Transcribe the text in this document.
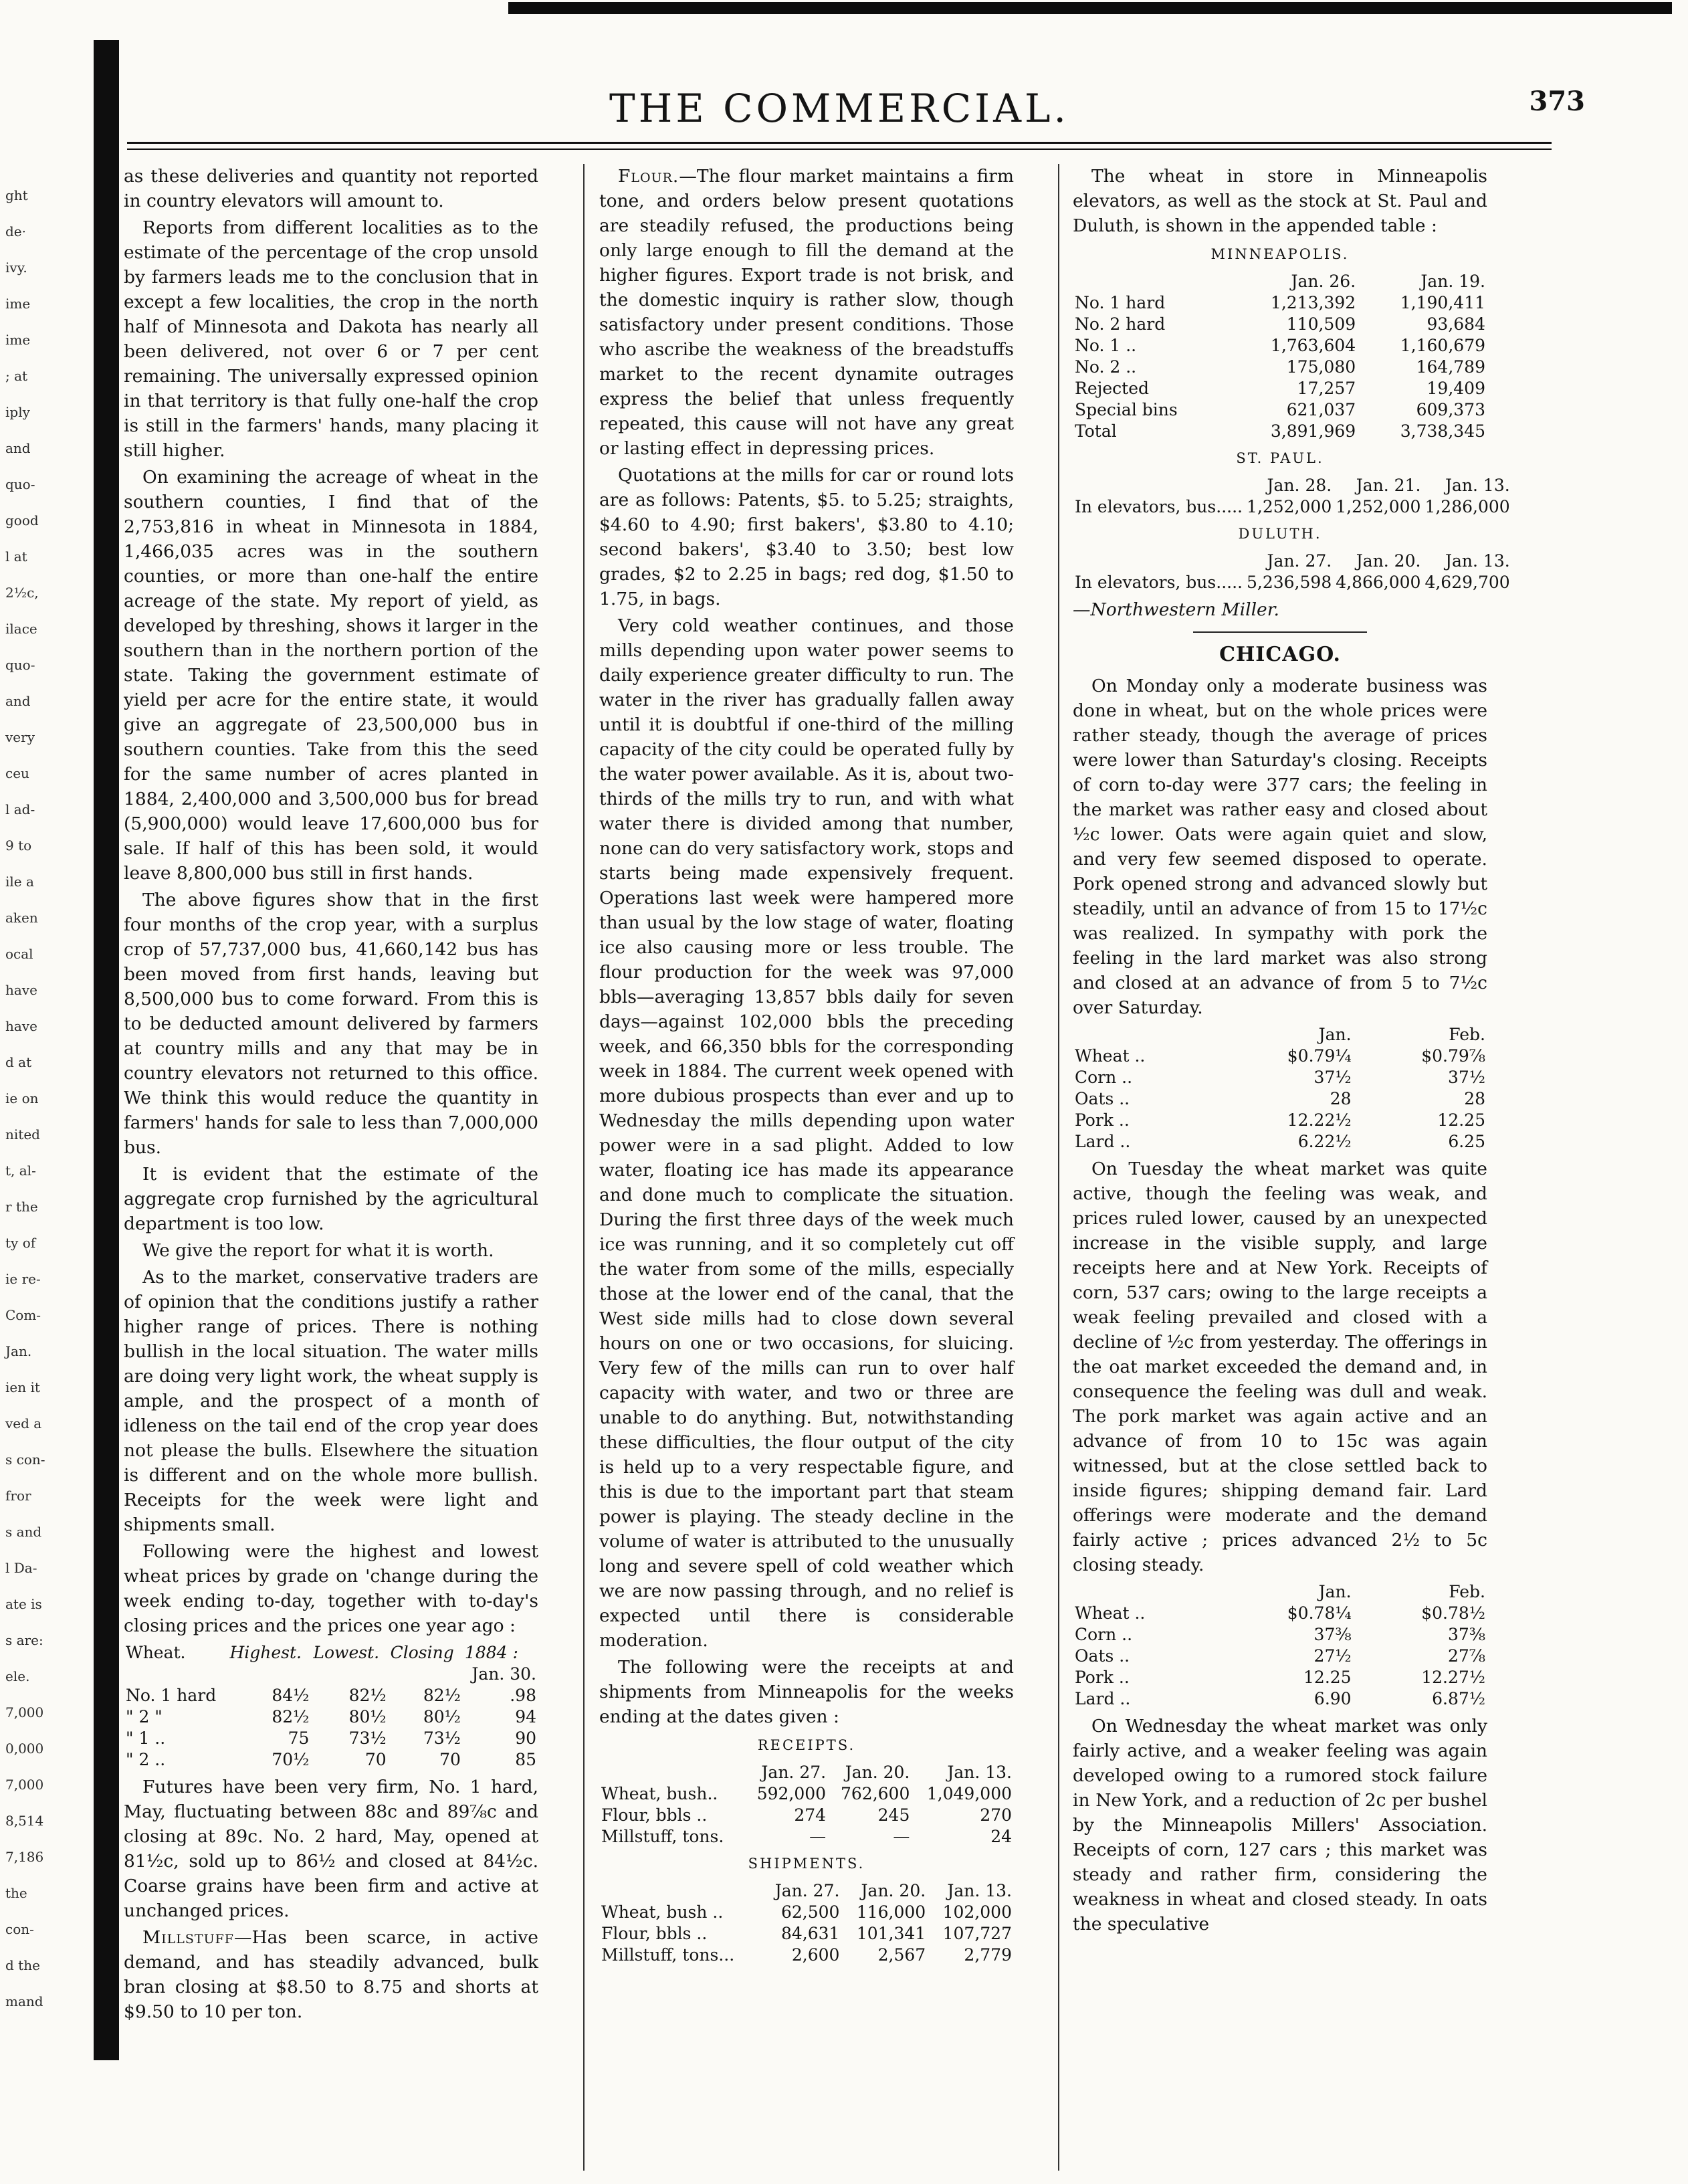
ght
de·
ivy.
ime
ime
; at
iply
and
quo-
good
l at
2½c,
ilace
quo-
and
very
ceu
l ad-
9 to
ile a
aken
ocal
have
have
d at
ie on
nited
t, al-
r the
ty of
ie re-
Com-
Jan.
ien it
ved a
s con-
fror
s and
l Da-
ate is
s are:
ele.
7,000
0,000
7,000
8,514
7,186
the
con-
d the
mand
THE COMMERCIAL.	373

as these deliveries and quantity not reported in country elevators will amount to.

Reports from different localities as to the estimate of the percentage of the crop unsold by farmers leads me to the conclusion that in except a few localities, the crop in the north half of Minnesota and Dakota has nearly all been delivered, not over 6 or 7 per cent remaining. The universally expressed opinion in that territory is that fully one-half the crop is still in the farmers' hands, many placing it still higher.

On examining the acreage of wheat in the southern counties, I find that of the 2,753,816 in wheat in Minnesota in 1884, 1,466,035 acres was in the southern counties, or more than one-half the entire acreage of the state. My report of yield, as developed by threshing, shows it larger in the southern than in the northern portion of the state. Taking the government estimate of yield per acre for the entire state, it would give an aggregate of 23,500,000 bus in southern counties. Take from this the seed for the same number of acres planted in 1884, 2,400,000 and 3,500,000 bus for bread (5,900,000) would leave 17,600,000 bus for sale. If half of this has been sold, it would leave 8,800,000 bus still in first hands.

The above figures show that in the first four months of the crop year, with a surplus crop of 57,737,000 bus, 41,660,142 bus has been moved from first hands, leaving but 8,500,000 bus to come forward. From this is to be deducted amount delivered by farmers at country mills and any that may be in country elevators not returned to this office. We think this would reduce the quantity in farmers' hands for sale to less than 7,000,000 bus.

It is evident that the estimate of the aggregate crop furnished by the agricultural department is too low.

We give the report for what it is worth.

As to the market, conservative traders are of opinion that the conditions justify a rather higher range of prices. There is nothing bullish in the local situation. The water mills are doing very light work, the wheat supply is ample, and the prospect of a month of idleness on the tail end of the crop year does not please the bulls. Elsewhere the situation is different and on the whole more bullish. Receipts for the week were light and shipments small.

Following were the highest and lowest wheat prices by grade on 'change during the week ending to-day, together with to-day's closing prices and the prices one year ago :

Wheat.	Highest.	Lowest.	Closing	1884 :
				Jan. 30.
No. 1 hard	84½	82½	82½	.98
" 2 "	82½	80½	80½	94
" 1 ..	75	73½	73½	90
" 2 ..	70½	70	70	85

Futures have been very firm, No. 1 hard, May, fluctuating between 88c and 89⅞c and closing at 89c. No. 2 hard, May, opened at 81½c, sold up to 86½ and closed at 84½c. Coarse grains have been firm and active at unchanged prices.

Millstuff—Has been scarce, in active demand, and has steadily advanced, bulk bran closing at $8.50 to 8.75 and shorts at $9.50 to 10 per ton.

Flour.—The flour market maintains a firm tone, and orders below present quotations are steadily refused, the productions being only large enough to fill the demand at the higher figures. Export trade is not brisk, and the domestic inquiry is rather slow, though satisfactory under present conditions. Those who ascribe the weakness of the breadstuffs market to the recent dynamite outrages express the belief that unless frequently repeated, this cause will not have any great or lasting effect in depressing prices.

Quotations at the mills for car or round lots are as follows: Patents, $5. to 5.25; straights, $4.60 to 4.90; first bakers', $3.80 to 4.10; second bakers', $3.40 to 3.50; best low grades, $2 to 2.25 in bags; red dog, $1.50 to 1.75, in bags.

Very cold weather continues, and those mills depending upon water power seems to daily experience greater difficulty to run. The water in the river has gradually fallen away until it is doubtful if one-third of the milling capacity of the city could be operated fully by the water power available. As it is, about two-thirds of the mills try to run, and with what water there is divided among that number, none can do very satisfactory work, stops and starts being made expensively frequent. Operations last week were hampered more than usual by the low stage of water, floating ice also causing more or less trouble. The flour production for the week was 97,000 bbls—averaging 13,857 bbls daily for seven days—against 102,000 bbls the preceding week, and 66,350 bbls for the corresponding week in 1884. The current week opened with more dubious prospects than ever and up to Wednesday the mills depending upon water power were in a sad plight. Added to low water, floating ice has made its appearance and done much to complicate the situation. During the first three days of the week much ice was running, and it so completely cut off the water from some of the mills, especially those at the lower end of the canal, that the West side mills had to close down several hours on one or two occasions, for sluicing. Very few of the mills can run to over half capacity with water, and two or three are unable to do anything. But, notwithstanding these difficulties, the flour output of the city is held up to a very respectable figure, and this is due to the important part that steam power is playing. The steady decline in the volume of water is attributed to the unusually long and severe spell of cold weather which we are now passing through, and no relief is expected until there is considerable moderation.

The following were the receipts at and shipments from Minneapolis for the weeks ending at the dates given :

RECEIPTS.
	Jan. 27.	Jan. 20.	Jan. 13.
Wheat, bush..	592,000	762,600	1,049,000
Flour, bbls ..	274	245	270
Millstuff, tons.	—	—	24
SHIPMENTS.
	Jan. 27.	Jan. 20.	Jan. 13.
Wheat, bush ..	62,500	116,000	102,000
Flour, bbls ..	84,631	101,341	107,727
Millstuff, tons...	2,600	2,567	2,779

The wheat in store in Minneapolis elevators, as well as the stock at St. Paul and Duluth, is shown in the appended table :

MINNEAPOLIS.
	Jan. 26.	Jan. 19.
No. 1 hard	1,213,392	1,190,411
No. 2 hard	110,509	93,684
No. 1 ..	1,763,604	1,160,679
No. 2 ..	175,080	164,789
Rejected	17,257	19,409
Special bins	621,037	609,373
Total	3,891,969	3,738,345
ST. PAUL.
	Jan. 28.	Jan. 21.	Jan. 13.
In elevators, bus.....	1,252,000	1,252,000	1,286,000
DULUTH.
	Jan. 27.	Jan. 20.	Jan. 13.
In elevators, bus.....	5,236,598	4,866,000	4,629,700

—Northwestern Miller.

CHICAGO.

On Monday only a moderate business was done in wheat, but on the whole prices were rather steady, though the average of prices were lower than Saturday's closing. Receipts of corn to-day were 377 cars; the feeling in the market was rather easy and closed about ½c lower. Oats were again quiet and slow, and very few seemed disposed to operate. Pork opened strong and advanced slowly but steadily, until an advance of from 15 to 17½c was realized. In sympathy with pork the feeling in the lard market was also strong and closed at an advance of from 5 to 7½c over Saturday.

	Jan.	Feb.
Wheat ..	$0.79¼	$0.79⅞
Corn ..	37½	37½
Oats ..	28	28
Pork ..	12.22½	12.25
Lard ..	6.22½	6.25

On Tuesday the wheat market was quite active, though the feeling was weak, and prices ruled lower, caused by an unexpected increase in the visible supply, and large receipts here and at New York. Receipts of corn, 537 cars; owing to the large receipts a weak feeling prevailed and closed with a decline of ½c from yesterday. The offerings in the oat market exceeded the demand and, in consequence the feeling was dull and weak. The pork market was again active and an advance of from 10 to 15c was again witnessed, but at the close settled back to inside figures; shipping demand fair. Lard offerings were moderate and the demand fairly active ; prices advanced 2½ to 5c closing steady.

	Jan.	Feb.
Wheat ..	$0.78¼	$0.78½
Corn ..	37⅜	37⅜
Oats ..	27½	27⅞
Pork ..	12.25	12.27½
Lard ..	6.90	6.87½

On Wednesday the wheat market was only fairly active, and a weaker feeling was again developed owing to a rumored stock failure in New York, and a reduction of 2c per bushel by the Minneapolis Millers' Association. Receipts of corn, 127 cars ; this market was steady and rather firm, considering the weakness in wheat and closed steady. In oats the speculative
